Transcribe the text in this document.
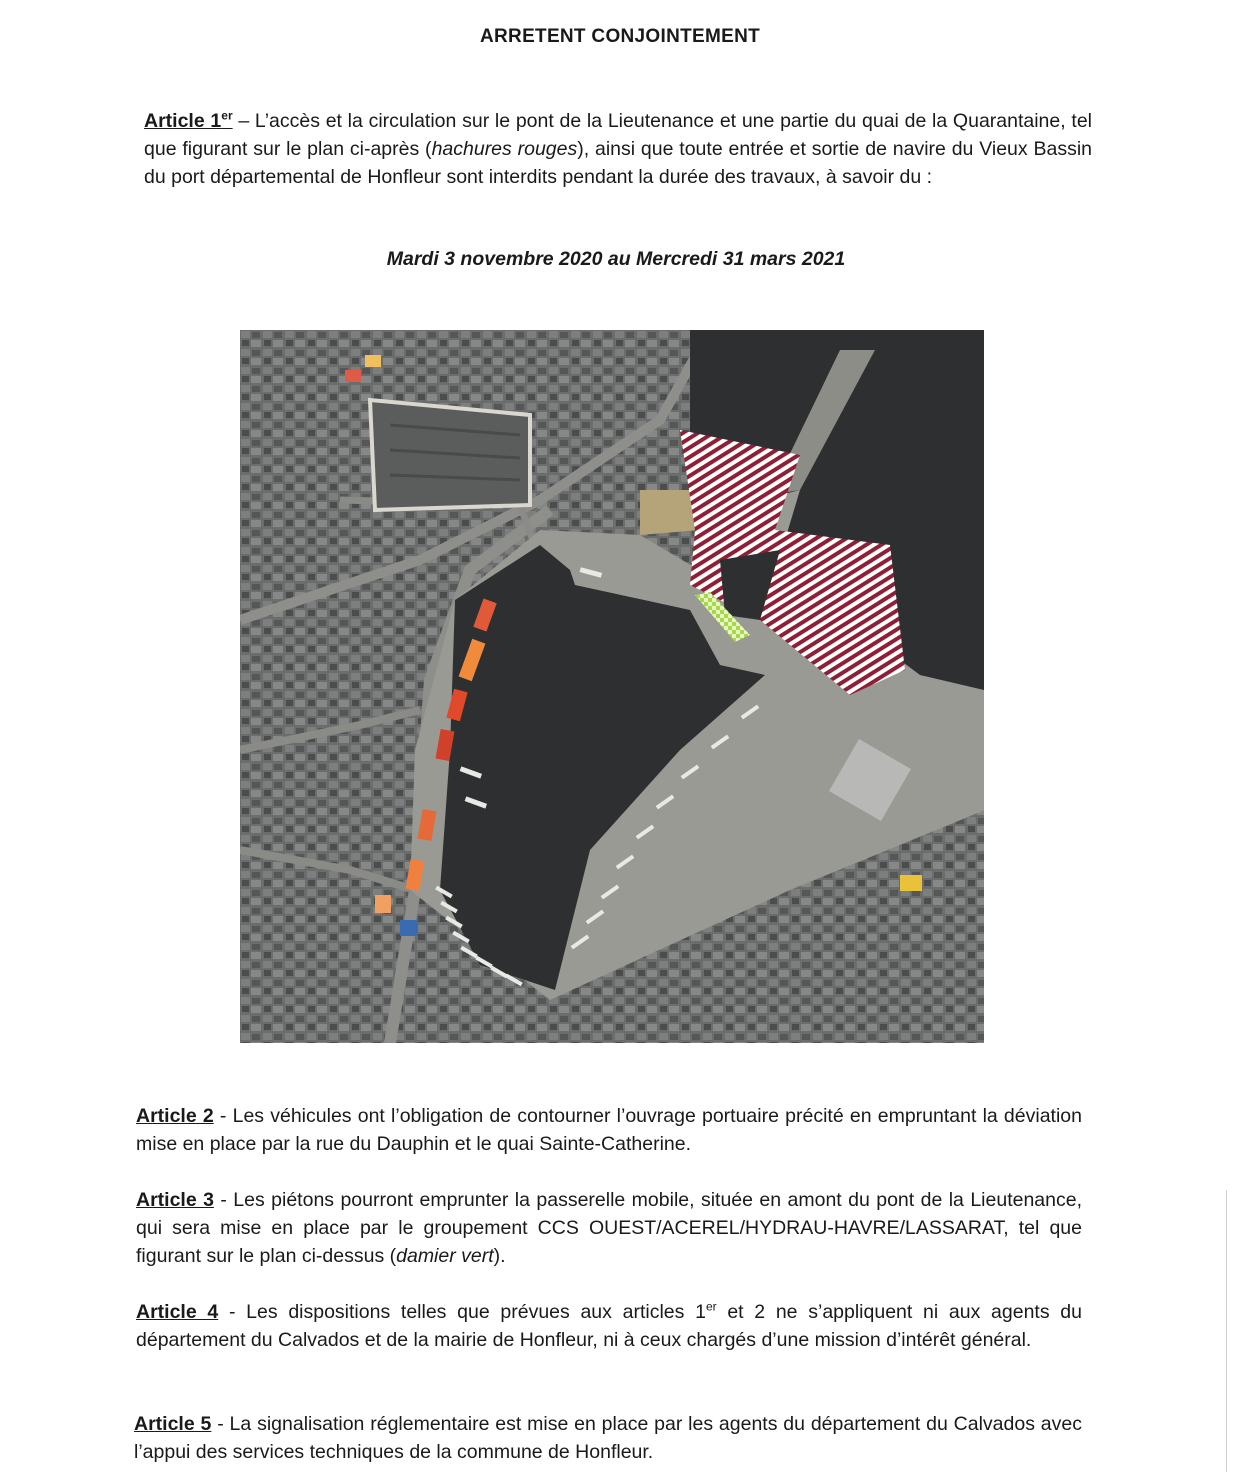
ARRETENT CONJOINTEMENT

Article 1er – L’accès et la circulation sur le pont de la Lieutenance et une partie du quai de la Quarantaine, tel que figurant sur le plan ci-après (hachures rouges), ainsi que toute entrée et sortie de navire du Vieux Bassin du port départemental de Honfleur sont interdits pendant la durée des travaux, à savoir du :

Mardi 3 novembre 2020 au Mercredi 31 mars 2021

Article 2 - Les véhicules ont l’obligation de contourner l’ouvrage portuaire précité en empruntant la déviation mise en place par la rue du Dauphin et le quai Sainte-Catherine.

Article 3 - Les piétons pourront emprunter la passerelle mobile, située en amont du pont de la Lieutenance, qui sera mise en place par le groupement CCS OUEST/ACEREL/HYDRAU-HAVRE/LASSARAT, tel que figurant sur le plan ci-dessus (damier vert).

Article 4 - Les dispositions telles que prévues aux articles 1er et 2 ne s’appliquent ni aux agents du département du Calvados et de la mairie de Honfleur, ni à ceux chargés d’une mission d’intérêt général.

Article 5 - La signalisation réglementaire est mise en place par les agents du département du Calvados avec l’appui des services techniques de la commune de Honfleur.
